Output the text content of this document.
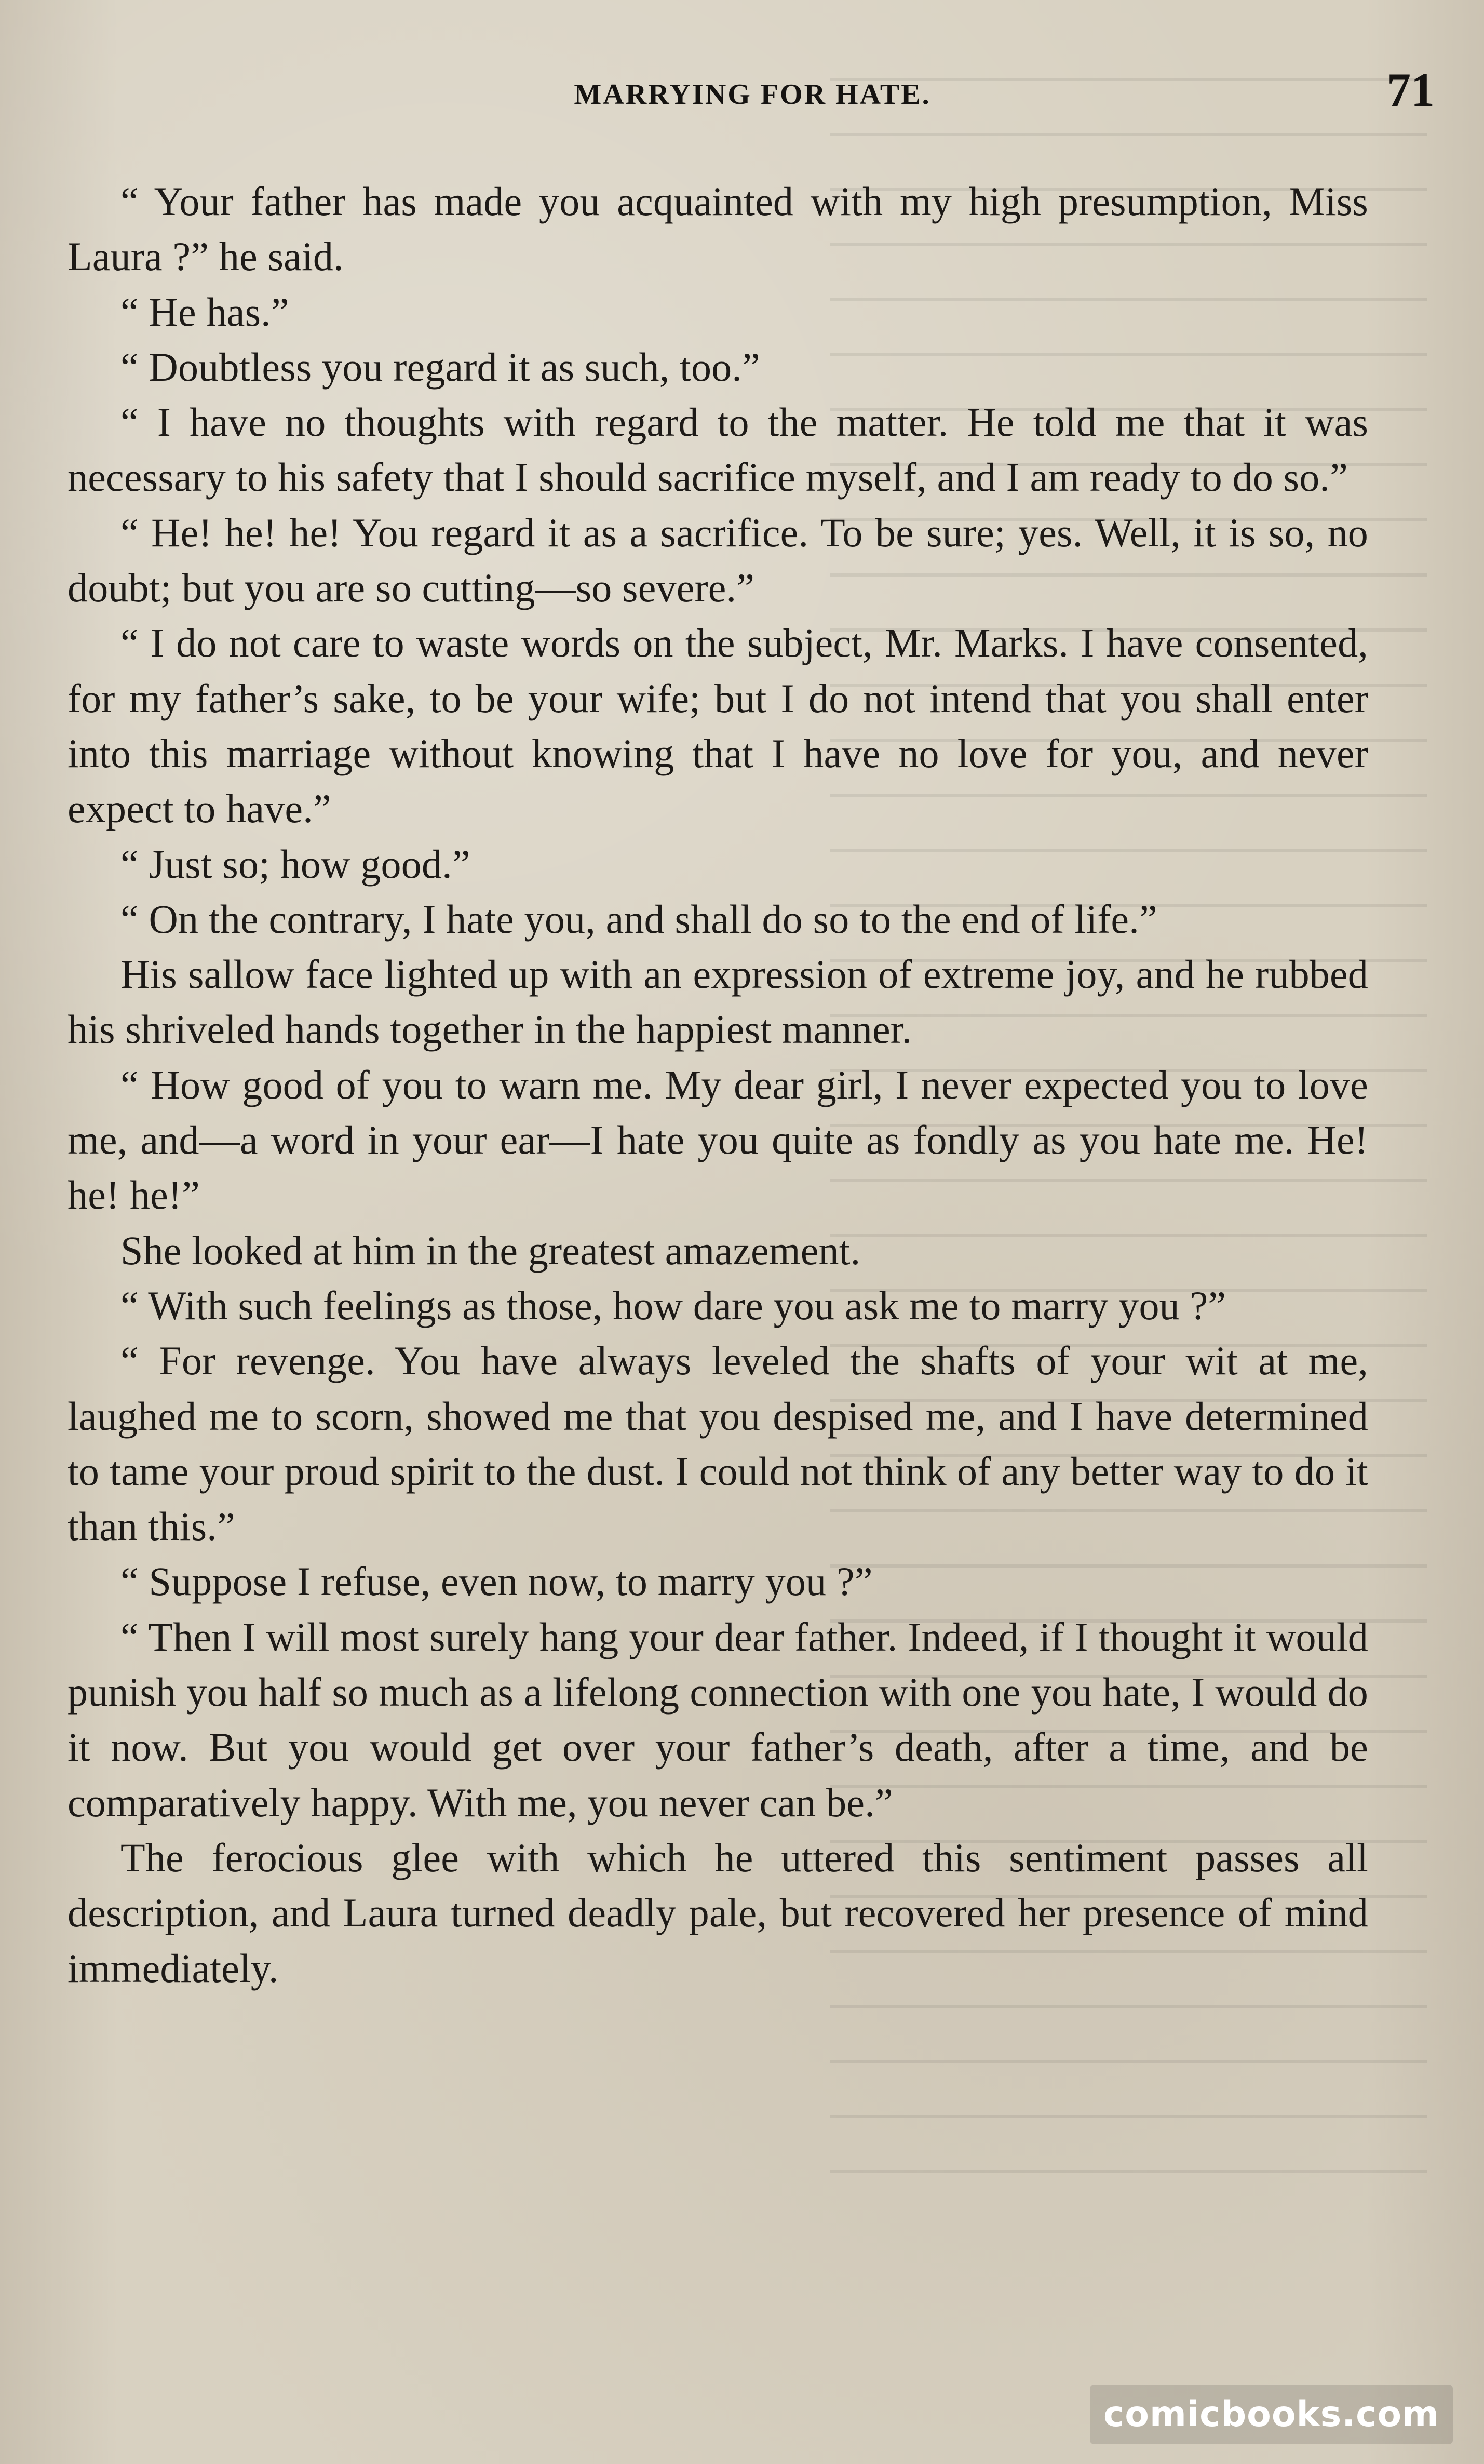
MARRYING FOR HATE.	71

“ Your father has made you acquainted with my high presumption, Miss Laura ?” he said.

“ He has.”

“ Doubtless you regard it as such, too.”

“ I have no thoughts with regard to the matter. He told me that it was necessary to his safety that I should sacrifice myself, and I am ready to do so.”

“ He! he! he! You regard it as a sacrifice. To be sure; yes. Well, it is so, no doubt; but you are so cutting—so severe.”

“ I do not care to waste words on the subject, Mr. Marks. I have consented, for my father’s sake, to be your wife; but I do not intend that you shall enter into this marriage without knowing that I have no love for you, and never expect to have.”

“ Just so; how good.”

“ On the contrary, I hate you, and shall do so to the end of life.”

His sallow face lighted up with an expression of extreme joy, and he rubbed his shriveled hands together in the happiest manner.

“ How good of you to warn me. My dear girl, I never expected you to love me, and—a word in your ear—I hate you quite as fondly as you hate me. He! he! he!”

She looked at him in the greatest amazement.

“ With such feelings as those, how dare you ask me to marry you ?”

“ For revenge. You have always leveled the shafts of your wit at me, laughed me to scorn, showed me that you despised me, and I have determined to tame your proud spirit to the dust. I could not think of any better way to do it than this.”

“ Suppose I refuse, even now, to marry you ?”

“ Then I will most surely hang your dear father. Indeed, if I thought it would punish you half so much as a lifelong connection with one you hate, I would do it now. But you would get over your father’s death, after a time, and be comparatively happy. With me, you never can be.”

The ferocious glee with which he uttered this sentiment passes all description, and Laura turned deadly pale, but recovered her presence of mind immediately.

comicbooks.com
